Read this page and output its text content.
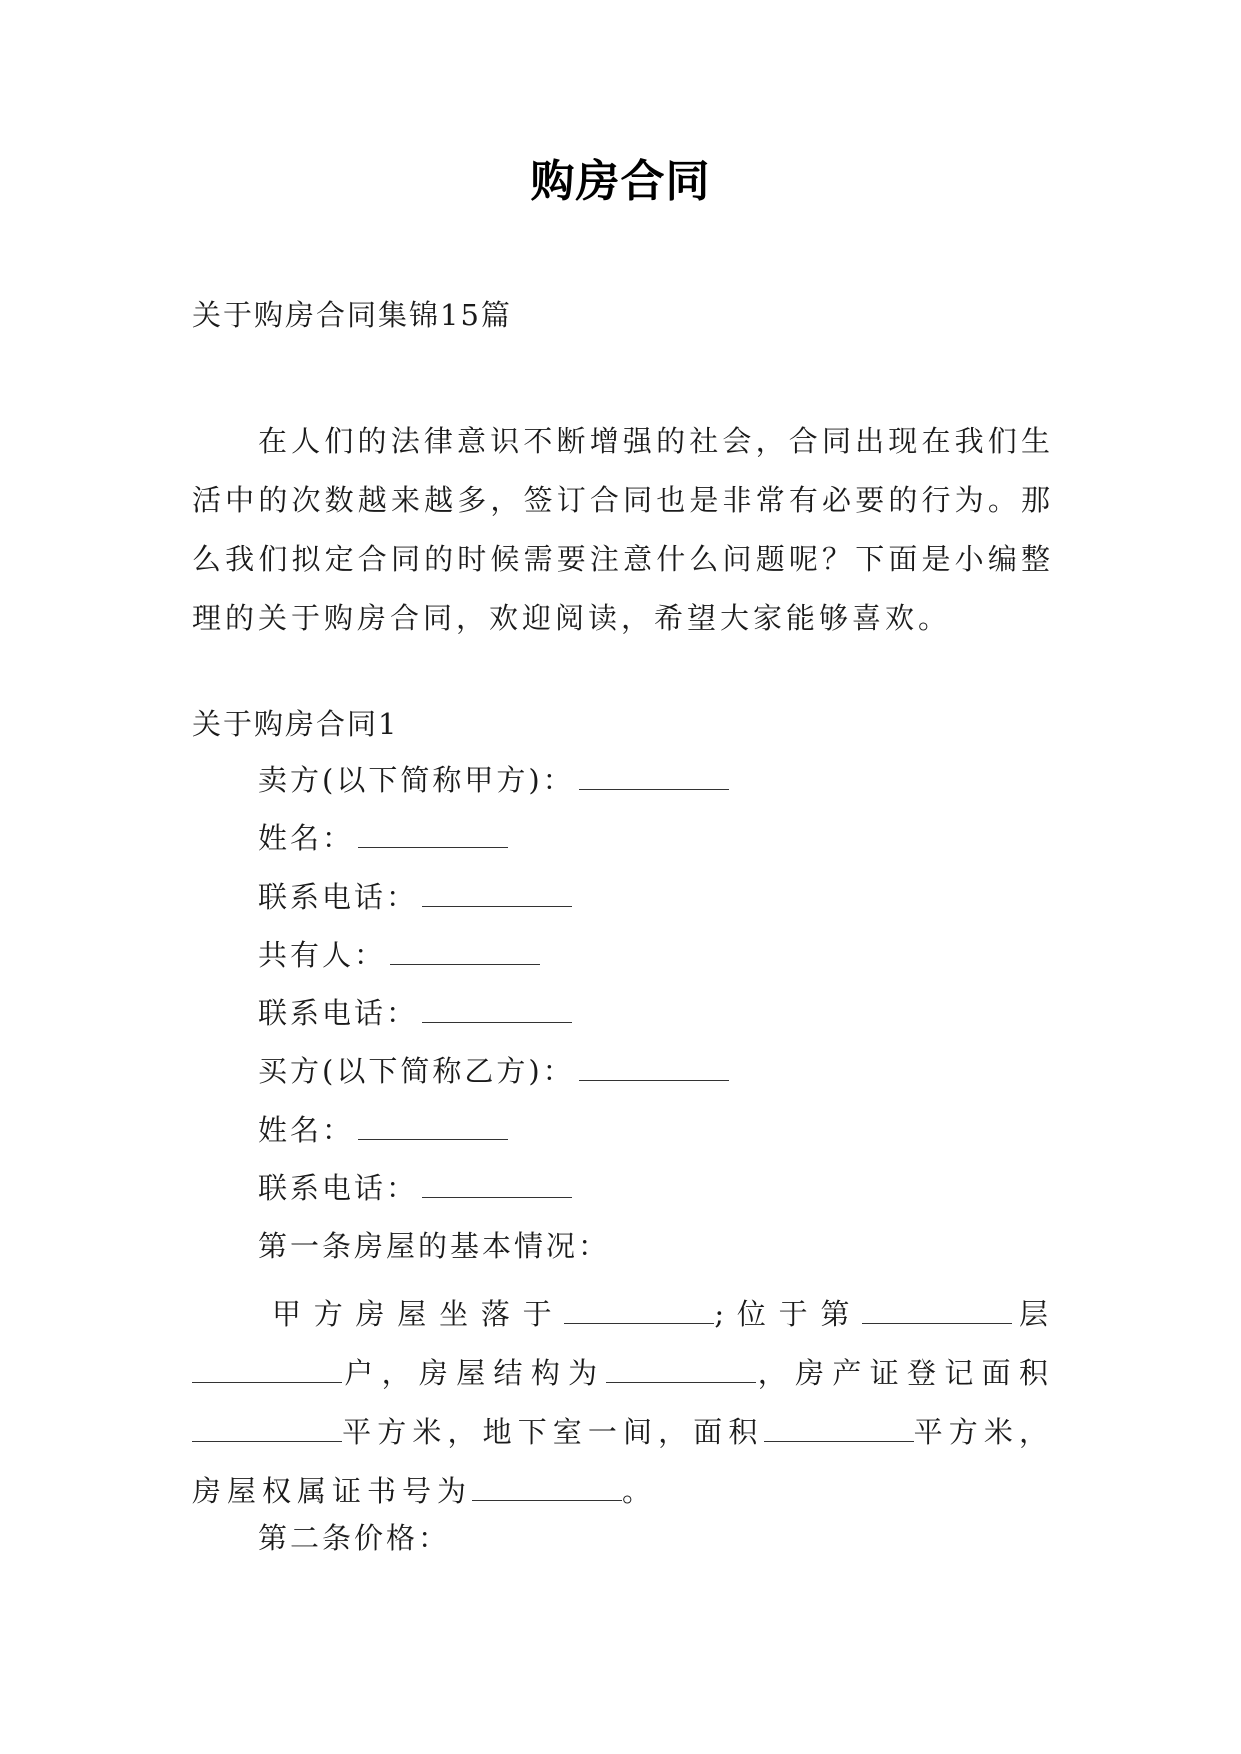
购房合同
关于购房合同集锦15篇

在人们的法律意识不断增强的社会，合同出现在我们生活中的次数越来越多，签订合同也是非常有必要的行为。那么我们拟定合同的时候需要注意什么问题呢？下面是小编整理的关于购房合同，欢迎阅读，希望大家能够喜欢。

关于购房合同1
卖方(以下简称甲方)：
姓名：
联系电话：
共有人：
联系电话：
买方(以下简称乙方)：
姓名：
联系电话：
第一条房屋的基本情况：

甲方房屋坐落于	;位于第	层户，房屋结构为	，房产证登记面积平方米，地下室一间，面积	平方米，房屋权属证书号为	。

第二条价格：
